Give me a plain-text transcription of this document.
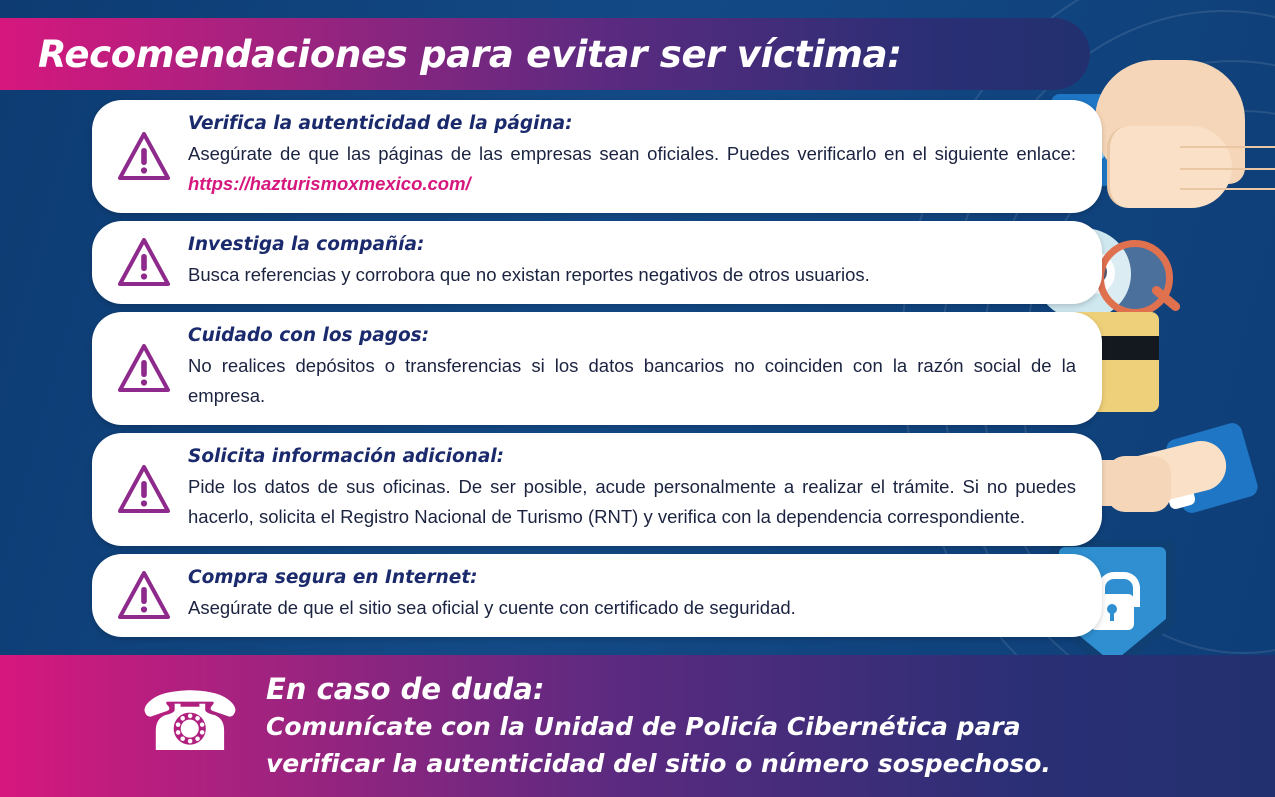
Recomendaciones para evitar ser víctima:

Verifica la autenticidad de la página:

Asegúrate de que las páginas de las empresas sean oficiales. Puedes verificarlo en el siguiente enlace: https://hazturismoxmexico.com/

Investiga la compañía:

Busca referencias y corrobora que no existan reportes negativos de otros usuarios.

Cuidado con los pagos:

No realices depósitos o transferencias si los datos bancarios no coinciden con la razón social de la empresa.

Solicita información adicional:

Pide los datos de sus oficinas. De ser posible, acude personalmente a realizar el trámite. Si no puedes hacerlo, solicita el Registro Nacional de Turismo (RNT) y verifica con la dependencia correspondiente.

Compra segura en Internet:

Asegúrate de que el sitio sea oficial y cuente con certificado de seguridad.

☎ En caso de duda:
Comunícate con la Unidad de Policía Cibernética para
verificar la autenticidad del sitio o número sospechoso.
